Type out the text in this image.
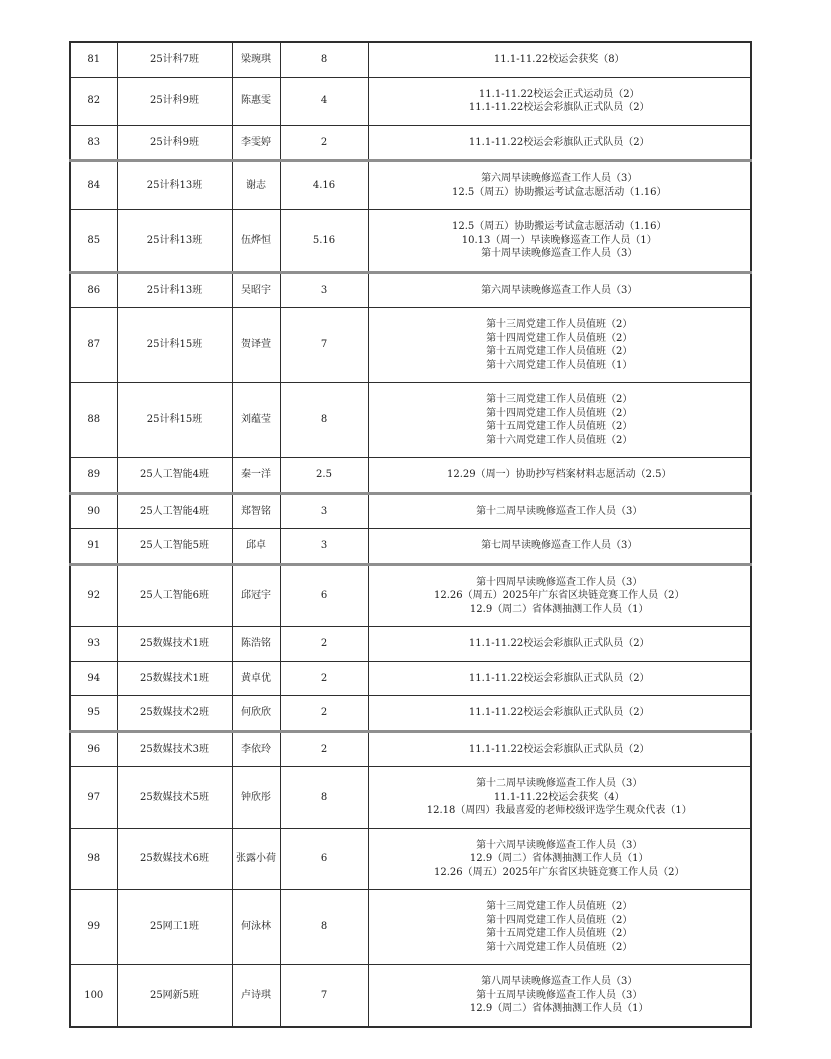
81	25计科7班	梁琬琪	8	11.1-11.22校运会获奖（8）

82	25计科9班	陈惠雯	4	11.1-11.22校运会正式运动员（2）
11.1-11.22校运会彩旗队正式队员（2）

83	25计科9班	李雯婷	2	11.1-11.22校运会彩旗队正式队员（2）

84	25计科13班	谢志	4.16	第六周早读晚修巡查工作人员（3）
12.5（周五）协助搬运考试盒志愿活动（1.16）

85	25计科13班	伍烨恒	5.16	12.5（周五）协助搬运考试盒志愿活动（1.16）
10.13（周一）早读晚修巡查工作人员（1）
第十周早读晚修巡查工作人员（3）

86	25计科13班	吴昭宇	3	第六周早读晚修巡查工作人员（3）

87	25计科15班	贺译萱	7	第十三周党建工作人员值班（2）
第十四周党建工作人员值班（2）
第十五周党建工作人员值班（2）
第十六周党建工作人员值班（1）

88	25计科15班	刘蕴莹	8	第十三周党建工作人员值班（2）
第十四周党建工作人员值班（2）
第十五周党建工作人员值班（2）
第十六周党建工作人员值班（2）

89	25人工智能4班	秦一洋	2.5	12.29（周一）协助抄写档案材料志愿活动（2.5）

90	25人工智能4班	郑智铭	3	第十二周早读晚修巡查工作人员（3）

91	25人工智能5班	邱卓	3	第七周早读晚修巡查工作人员（3）

92	25人工智能6班	邱冠宇	6	第十四周早读晚修巡查工作人员（3）
12.26（周五）2025年广东省区块链竞赛工作人员（2）
12.9（周二）省体测抽测工作人员（1）

93	25数媒技术1班	陈浩铭	2	11.1-11.22校运会彩旗队正式队员（2）

94	25数媒技术1班	黄卓优	2	11.1-11.22校运会彩旗队正式队员（2）

95	25数媒技术2班	何欣欣	2	11.1-11.22校运会彩旗队正式队员（2）

96	25数媒技术3班	李依玲	2	11.1-11.22校运会彩旗队正式队员（2）

97	25数媒技术5班	钟欣彤	8	第十二周早读晚修巡查工作人员（3）
11.1-11.22校运会获奖（4）
12.18（周四）我最喜爱的老师校级评选学生观众代表（1）

98	25数媒技术6班	张露小荷	6	第十六周早读晚修巡查工作人员（3）
12.9（周二）省体测抽测工作人员（1）
12.26（周五）2025年广东省区块链竞赛工作人员（2）

99	25网工1班	何泳林	8	第十三周党建工作人员值班（2）
第十四周党建工作人员值班（2）
第十五周党建工作人员值班（2）
第十六周党建工作人员值班（2）

100	25网新5班	卢诗琪	7	第八周早读晚修巡查工作人员（3）
第十五周早读晚修巡查工作人员（3）
12.9（周二）省体测抽测工作人员（1）
